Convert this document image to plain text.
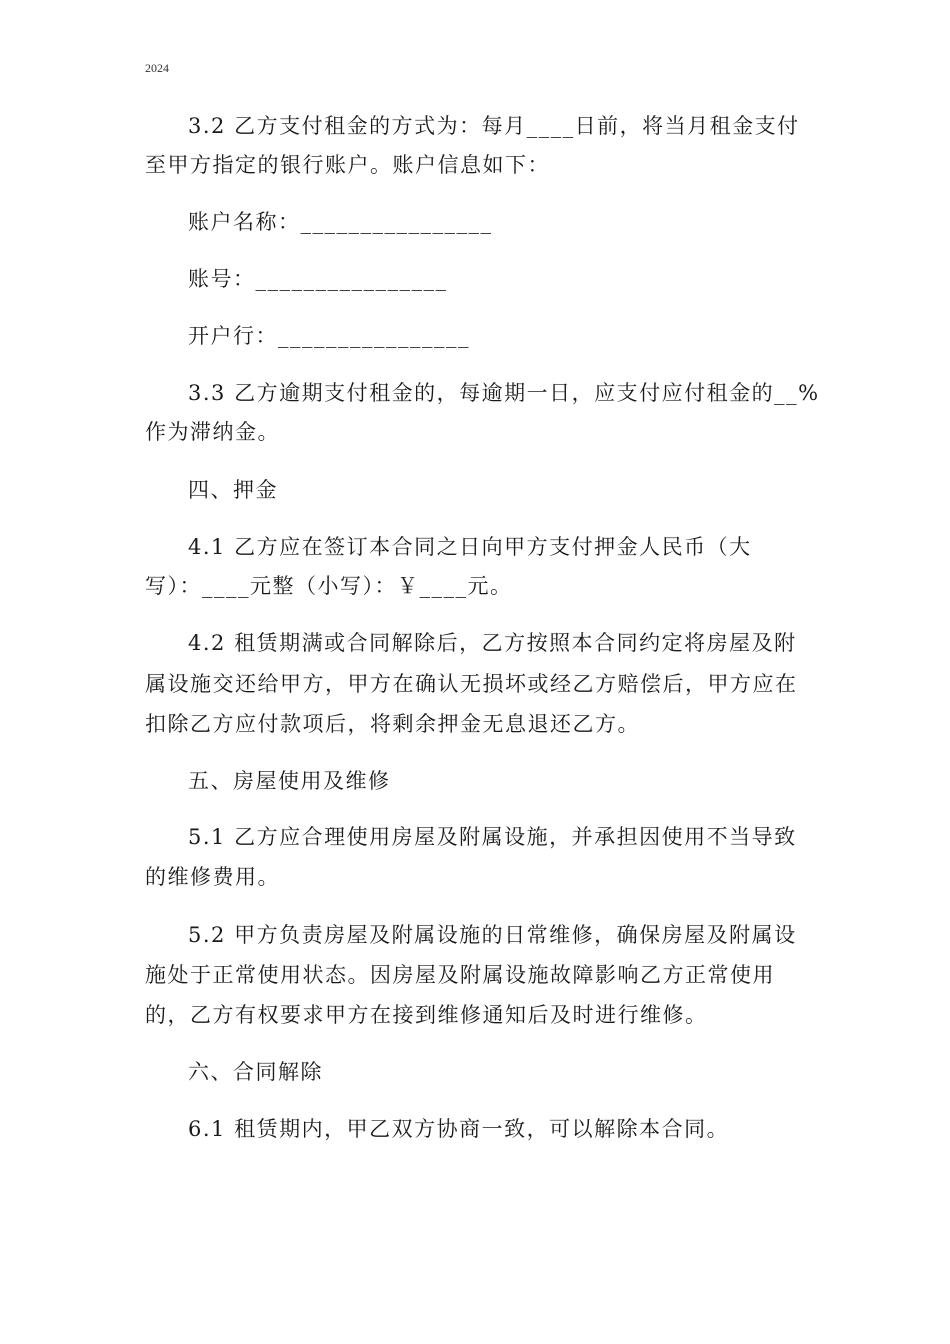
2024
3.2 乙方支付租金的方式为：每月____日前，将当月租金支付
至甲方指定的银行账户。账户信息如下：
账户名称：________________
账号：________________
开户行：________________
3.3 乙方逾期支付租金的，每逾期一日，应支付应付租金的__%
作为滞纳金。
四、押金
4.1 乙方应在签订本合同之日向甲方支付押金人民币（大
写）：____元整（小写）：￥____元。
4.2 租赁期满或合同解除后，乙方按照本合同约定将房屋及附
属设施交还给甲方，甲方在确认无损坏或经乙方赔偿后，甲方应在
扣除乙方应付款项后，将剩余押金无息退还乙方。
五、房屋使用及维修
5.1 乙方应合理使用房屋及附属设施，并承担因使用不当导致
的维修费用。
5.2 甲方负责房屋及附属设施的日常维修，确保房屋及附属设
施处于正常使用状态。因房屋及附属设施故障影响乙方正常使用
的，乙方有权要求甲方在接到维修通知后及时进行维修。
六、合同解除
6.1 租赁期内，甲乙双方协商一致，可以解除本合同。
